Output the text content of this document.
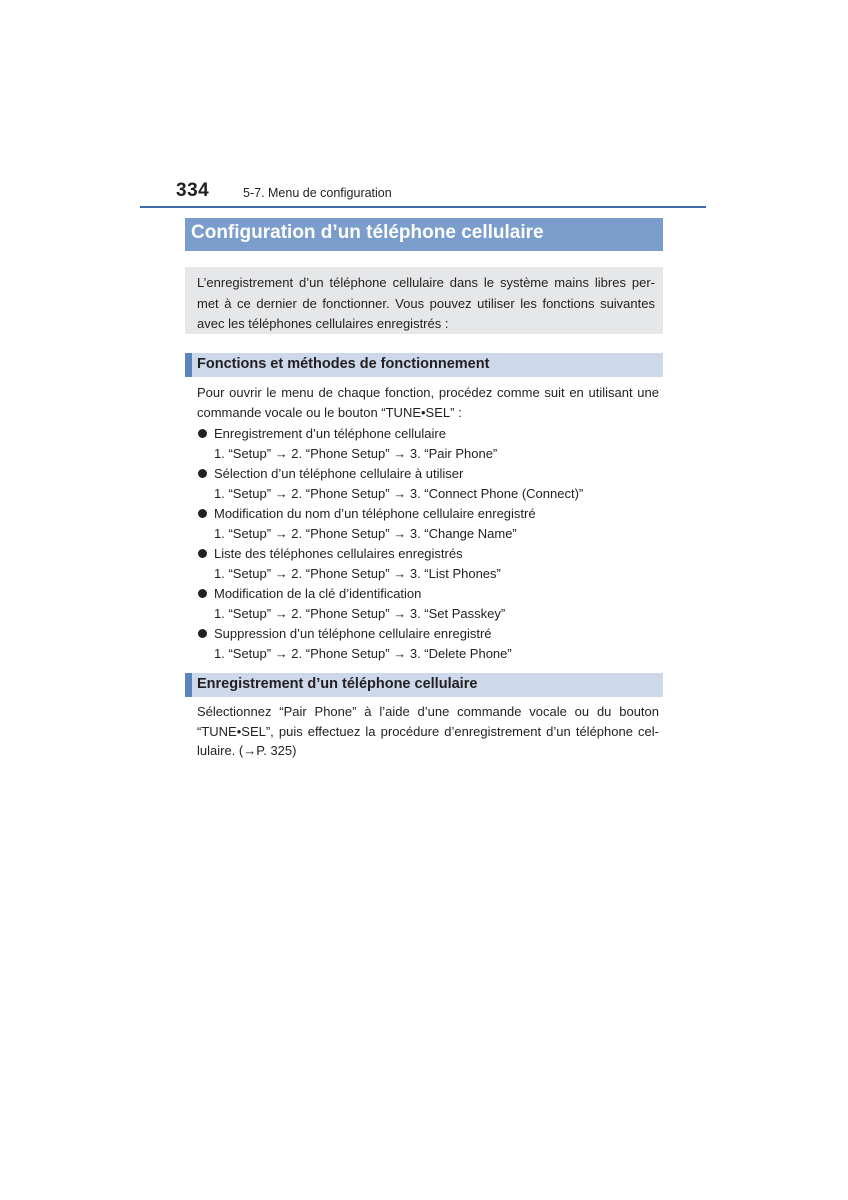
334	5-7. Menu de configuration
Configuration d’un téléphone cellulaire
L’enregistrement d’un téléphone cellulaire dans le système mains libres per-met à ce dernier de fonctionner. Vous pouvez utiliser les fonctions suivantes avec les téléphones cellulaires enregistrés :
Fonctions et méthodes de fonctionnement
Pour ouvrir le menu de chaque fonction, procédez comme suit en utilisant une commande vocale ou le bouton “TUNE•SEL” :
Enregistrement d’un téléphone cellulaire
1. “Setup” → 2. “Phone Setup” → 3. “Pair Phone”
Sélection d’un téléphone cellulaire à utiliser
1. “Setup” → 2. “Phone Setup” → 3. “Connect Phone (Connect)”
Modification du nom d’un téléphone cellulaire enregistré
1. “Setup” → 2. “Phone Setup” → 3. “Change Name”
Liste des téléphones cellulaires enregistrés
1. “Setup” → 2. “Phone Setup” → 3. “List Phones”
Modification de la clé d’identification
1. “Setup” → 2. “Phone Setup” → 3. “Set Passkey”
Suppression d’un téléphone cellulaire enregistré
1. “Setup” → 2. “Phone Setup” → 3. “Delete Phone”
Enregistrement d’un téléphone cellulaire
Sélectionnez “Pair Phone” à l’aide d’une commande vocale ou du bouton “TUNE•SEL”, puis effectuez la procédure d’enregistrement d’un téléphone cel-lulaire. (→P. 325)
